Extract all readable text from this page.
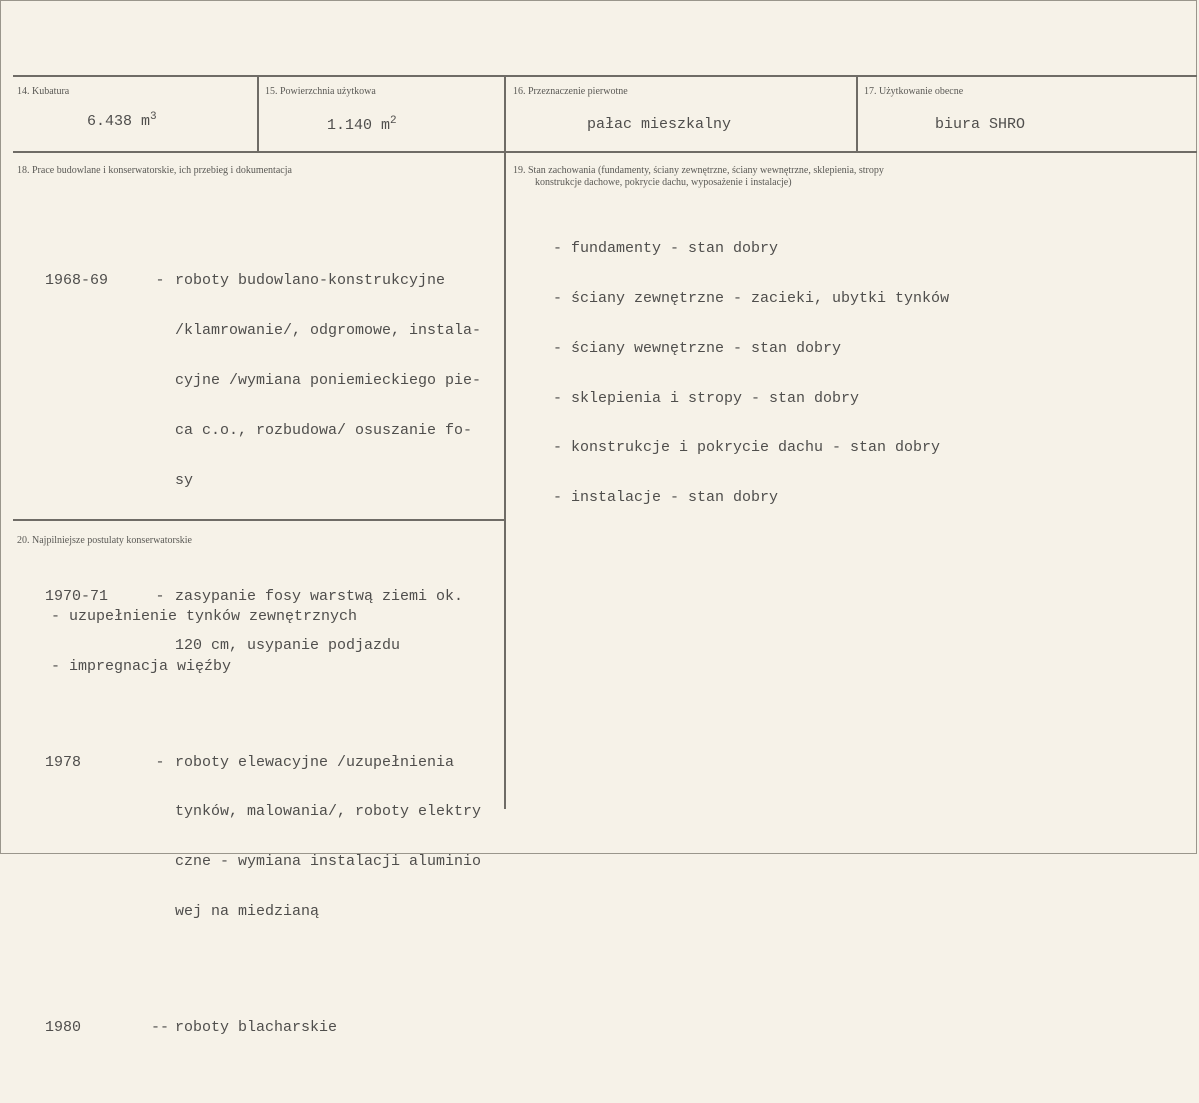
14. Kubatura
6.438 $m^3$
15. Powierzchnia użytkowa
1.140 $m^2$
16. Przeznaczenie pierwotne
pałac mieszkalny
17. Użytkowanie obecne
biura SHRO
18. Prace budowlane i konserwatorskie, ich przebieg i dokumentacja

1968-69	- roboty budowlano-konstrukcyjne

/klamrowanie/, odgromowe, instala-

cyjne /wymiana poniemieckiego pie-

ca c.o., rozbudowa/ osuszanie fo-

sy

1970-71	- zasypanie fosy warstwą ziemi ok.

120 cm, usypanie podjazdu

1978	- roboty elewacyjne /uzupełnienia

tynków, malowania/, roboty elektry

czne - wymiana instalacji aluminio

wej na miedzianą

1980	-- roboty blacharskie

19. Stan zachowania (fundamenty, ściany zewnętrzne, ściany wewnętrzne, sklepienia, stropy
konstrukcje dachowe, pokrycie dachu, wyposażenie i instalacje)

- fundamenty - stan dobry

- ściany zewnętrzne - zacieki, ubytki tynków

- ściany wewnętrzne - stan dobry

- sklepienia i stropy - stan dobry

- konstrukcje i pokrycie dachu - stan dobry

- instalacje - stan dobry

20. Najpilniejsze postulaty konserwatorskie

- uzupełnienie tynków zewnętrznych

- impregnacja więźby
